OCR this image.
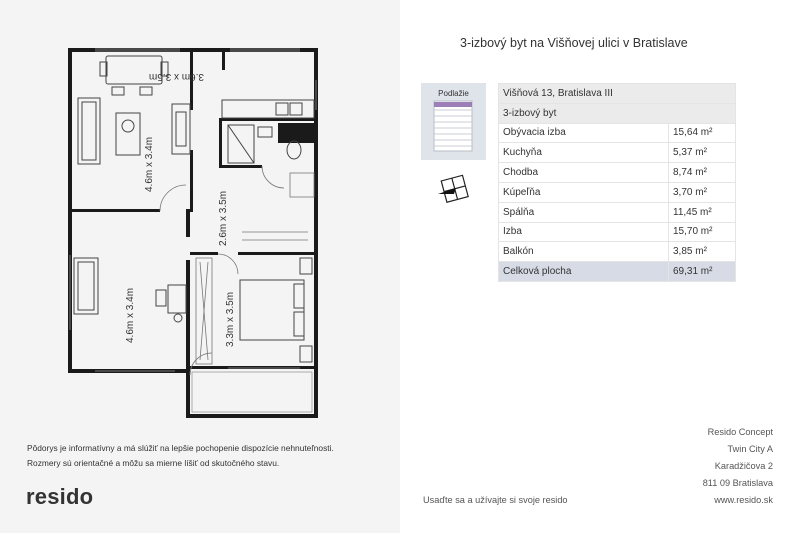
3.6m x 3.5m
4.6m x 3.4m
2.6m x 3.5m
4.6m x 3.4m	3.3m x 3.5m
Pôdorys je informatívny a má slúžiť na lepšie pochopenie dispozície nehnuteľnosti.
Rozmery sú orientačné a môžu sa mierne líšiť od skutočného stavu.
resido
3-izbový byt na Višňovej ulici v Bratislave
Podlažie	Višňová 13, Bratislava III	
3-izbový byt	
Obývacia izba	15,64 m²
Kuchyňa	5,37 m²
Chodba	8,74 m²
Kúpeľňa	3,70 m²
Spálňa	11,45 m²
Izba	15,70 m²
Balkón	3,85 m²
Celková plocha	69,31 m²
Usaďte sa a užívajte si svoje resido
Resido Concept
Twin City A
Karadžičova 2
811 09 Bratislava
www.resido.sk
